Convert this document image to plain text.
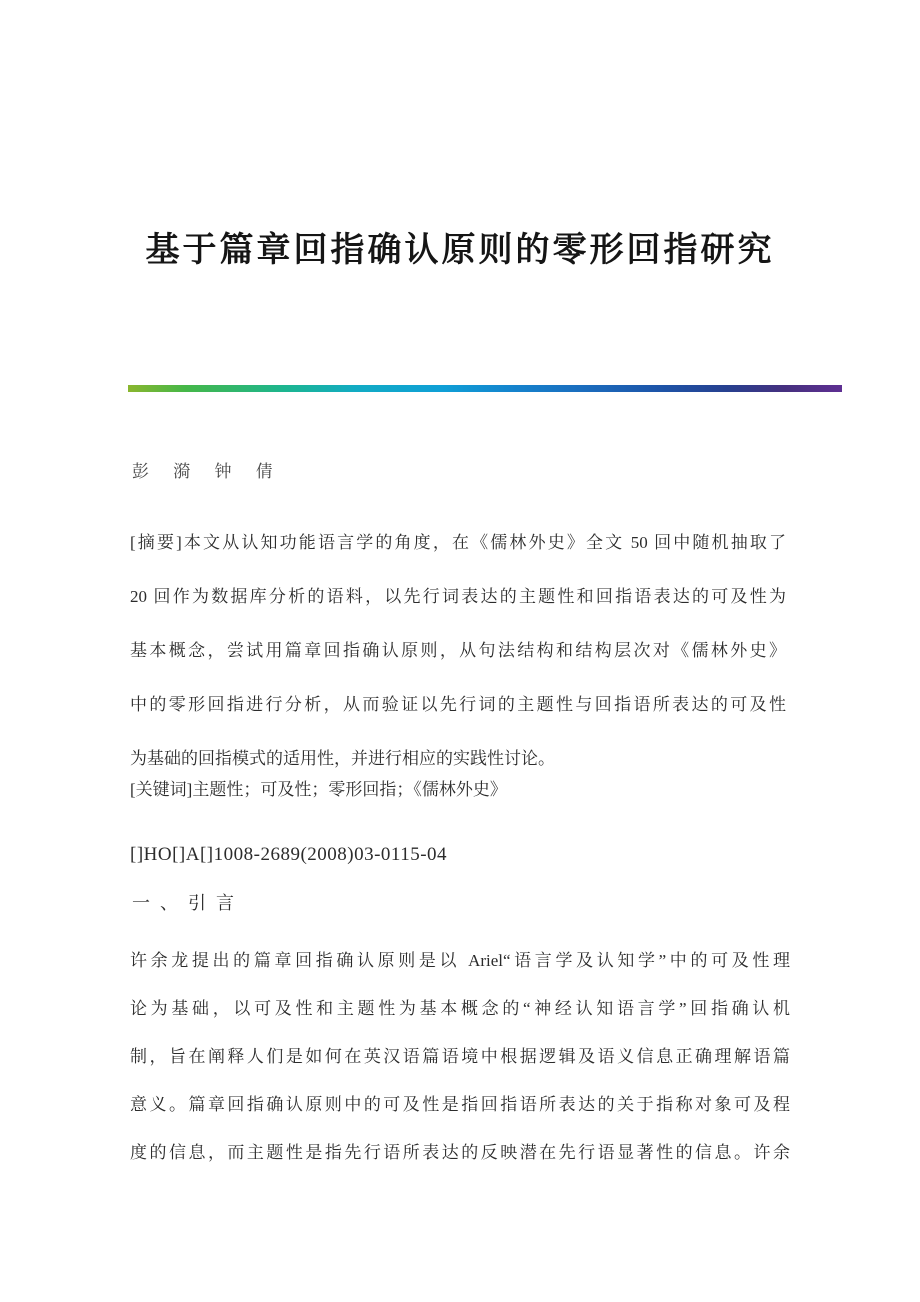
基于篇章回指确认原则的零形回指研究
彭 漪 钟 倩
[摘要]本文从认知功能语言学的角度，在《儒林外史》全文 50 回中随机抽取了
20 回作为数据库分析的语料，以先行词表达的主题性和回指语表达的可及性为
基本概念，尝试用篇章回指确认原则，从句法结构和结构层次对《儒林外史》
中的零形回指进行分析，从而验证以先行词的主题性与回指语所表达的可及性
为基础的回指模式的适用性，并进行相应的实践性讨论。
[关键词]主题性；可及性；零形回指；《儒林外史》
[]HO[]A[]1008-2689(2008)03-0115-04
一、引言
许余龙提出的篇章回指确认原则是以 Ariel“语言学及认知学”中的可及性理
论为基础，以可及性和主题性为基本概念的“神经认知语言学”回指确认机
制，旨在阐释人们是如何在英汉语篇语境中根据逻辑及语义信息正确理解语篇
意义。篇章回指确认原则中的可及性是指回指语所表达的关于指称对象可及程
度的信息，而主题性是指先行语所表达的反映潜在先行语显著性的信息。许余
